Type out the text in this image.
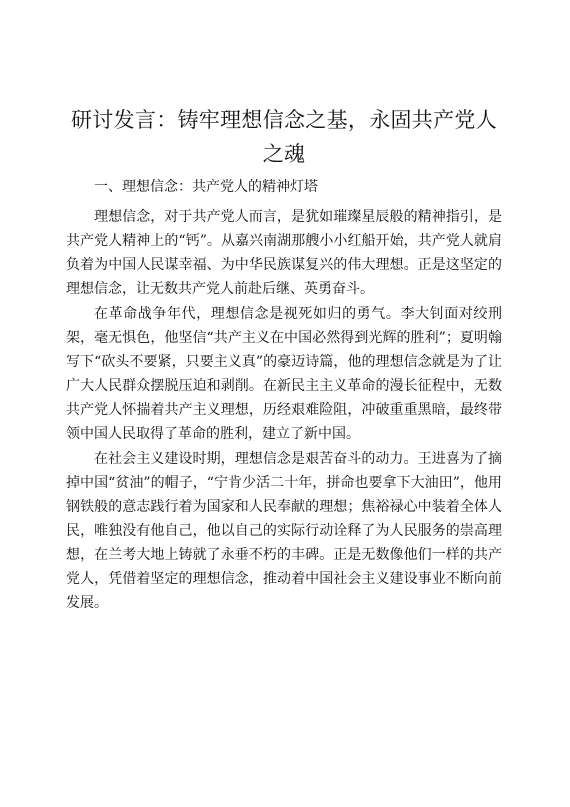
研讨发言：铸牢理想信念之基，永固共产党人之魂
一、理想信念：共产党人的精神灯塔

理想信念，对于共产党人而言，是犹如璀璨星辰般的精神指引，是共产党人精神上的“钙”。从嘉兴南湖那艘小小红船开始，共产党人就肩负着为中国人民谋幸福、为中华民族谋复兴的伟大理想。正是这坚定的理想信念，让无数共产党人前赴后继、英勇奋斗。

在革命战争年代，理想信念是视死如归的勇气。李大钊面对绞刑架，毫无惧色，他坚信“共产主义在中国必然得到光辉的胜利”；夏明翰写下“砍头不要紧，只要主义真”的豪迈诗篇，他的理想信念就是为了让广大人民群众摆脱压迫和剥削。在新民主主义革命的漫长征程中，无数共产党人怀揣着共产主义理想，历经艰难险阻，冲破重重黑暗，最终带领中国人民取得了革命的胜利，建立了新中国。

在社会主义建设时期，理想信念是艰苦奋斗的动力。王进喜为了摘掉中国“贫油”的帽子，“宁肯少活二十年，拼命也要拿下大油田”，他用钢铁般的意志践行着为国家和人民奉献的理想；焦裕禄心中装着全体人民，唯独没有他自己，他以自己的实际行动诠释了为人民服务的崇高理想，在兰考大地上铸就了永垂不朽的丰碑。正是无数像他们一样的共产党人，凭借着坚定的理想信念，推动着中国社会主义建设事业不断向前发展。
